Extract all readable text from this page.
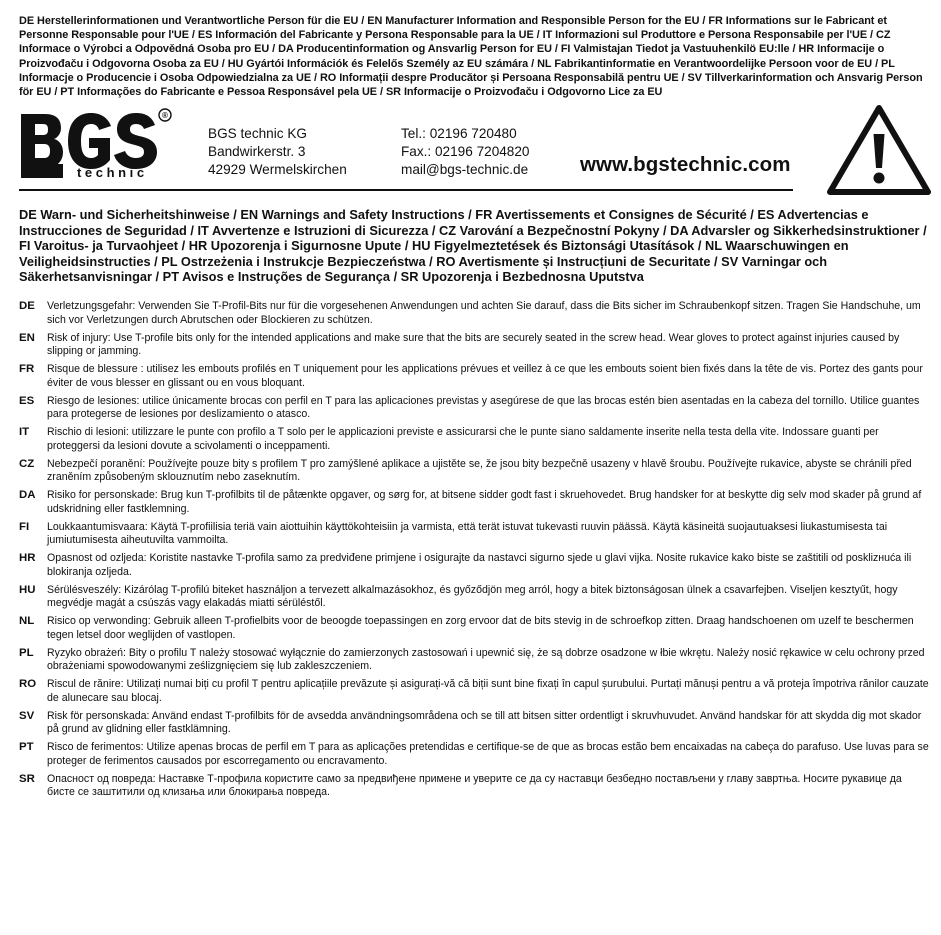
DE Herstellerinformationen und Verantwortliche Person für die EU / EN Manufacturer Information and Responsible Person for the EU / FR Informations sur le Fabricant et Personne Responsable pour l'UE / ES Información del Fabricante y Persona Responsable para la UE / IT Informazioni sul Produttore e Persona Responsabile per l'UE / CZ Informace o Výrobci a Odpovědná Osoba pro EU / DA Producentinformation og Ansvarlig Person for EU / FI Valmistajan Tiedot ja Vastuuhenkilö EU:lle / HR Informacije o Proizvođaču i Odgovorna Osoba za EU / HU Gyártói Információk és Felelős Személy az EU számára / NL Fabrikantinformatie en Verantwoordelijke Persoon voor de EU / PL Informacje o Producencie i Osoba Odpowiedzialna za UE / RO Informații despre Producător și Persoana Responsabilă pentru UE / SV Tillverkarinformation och Ansvarig Person för EU / PT Informações do Fabricante e Pessoa Responsável pela UE / SR Informacije o Proizvođaču i Odgovorno Lice za EU
®
technic
BGS technic KG
Bandwirkerstr. 3
42929 Wermelskirchen
Tel.: 02196 720480
Fax.: 02196 7204820
mail@bgs-technic.de	www.bgstechnic.com
DE Warn- und Sicherheitshinweise / EN Warnings and Safety Instructions / FR Avertissements et Consignes de Sécurité / ES Advertencias e Instrucciones de Seguridad / IT Avvertenze e Istruzioni di Sicurezza / CZ Varování a Bezpečnostní Pokyny / DA Advarsler og Sikkerhedsinstruktioner / FI Varoitus- ja Turvaohjeet / HR Upozorenja i Sigurnosne Upute / HU Figyelmeztetések és Biztonsági Utasítások / NL Waarschuwingen en Veiligheidsinstructies / PL Ostrzeżenia i Instrukcje Bezpieczeństwa / RO Avertismente și Instrucțiuni de Securitate / SV Varningar och Säkerhetsanvisningar / PT Avisos e Instruções de Segurança / SR Upozorenja i Bezbednosna Uputstva
DE	Verletzungsgefahr: Verwenden Sie T-Profil-Bits nur für die vorgesehenen Anwendungen und achten Sie darauf, dass die Bits sicher im Schraubenkopf sitzen. Tragen Sie Handschuhe, um sich vor Verletzungen durch Abrutschen oder Blockieren zu schützen.
EN	Risk of injury: Use T-profile bits only for the intended applications and make sure that the bits are securely seated in the screw head. Wear gloves to protect against injuries caused by slipping or jamming.
FR	Risque de blessure : utilisez les embouts profilés en T uniquement pour les applications prévues et veillez à ce que les embouts soient bien fixés dans la tête de vis. Portez des gants pour éviter de vous blesser en glissant ou en vous bloquant.
ES	Riesgo de lesiones: utilice únicamente brocas con perfil en T para las aplicaciones previstas y asegúrese de que las brocas estén bien asentadas en la cabeza del tornillo. Utilice guantes para protegerse de lesiones por deslizamiento o atasco.
IT	Rischio di lesioni: utilizzare le punte con profilo a T solo per le applicazioni previste e assicurarsi che le punte siano saldamente inserite nella testa della vite. Indossare guanti per proteggersi da lesioni dovute a scivolamenti o inceppamenti.
CZ	Nebezpečí poranění: Používejte pouze bity s profilem T pro zamýšlené aplikace a ujistěte se, že jsou bity bezpečně usazeny v hlavě šroubu. Používejte rukavice, abyste se chránili před zraněním způsobeným sklouznutím nebo zaseknutím.
DA	Risiko for personskade: Brug kun T-profilbits til de påtænkte opgaver, og sørg for, at bitsene sidder godt fast i skruehovedet. Brug handsker for at beskytte dig selv mod skader på grund af udskridning eller fastklemning.
FI	Loukkaantumisvaara: Käytä T-profiilisia teriä vain aiottuihin käyttökohteisiin ja varmista, että terät istuvat tukevasti ruuvin päässä. Käytä käsineitä suojautuaksesi liukastumisesta tai jumiutumisesta aiheutuvilta vammoilta.
HR	Opasnost od ozljeda: Koristite nastavke T-profila samo za predviđene primjene i osigurajte da nastavci sigurno sjede u glavi vijka. Nosite rukavice kako biste se zaštitili od posklizнuća ili blokiranja ozljeda.
HU	Sérülésveszély: Kizárólag T-profilú biteket használjon a tervezett alkalmazásokhoz, és győződjön meg arról, hogy a bitek biztonságosan ülnek a csavarfejben. Viseljen kesztyűt, hogy megvédje magát a csúszás vagy elakadás miatti sérüléstől.
NL	Risico op verwonding: Gebruik alleen T-profielbits voor de beoogde toepassingen en zorg ervoor dat de bits stevig in de schroefkop zitten. Draag handschoenen om uzelf te beschermen tegen letsel door weglijden of vastlopen.
PL	Ryzyko obrażeń: Bity o profilu T należy stosować wyłącznie do zamierzonych zastosowań i upewnić się, że są dobrze osadzone w łbie wkrętu. Należy nosić rękawice w celu ochrony przed obrażeniami spowodowanymi ześlizgnięciem się lub zakleszczeniem.
RO	Riscul de rănire: Utilizați numai biți cu profil T pentru aplicațiile prevăzute și asigurați-vă că biții sunt bine fixați în capul șurubului. Purtați mănuși pentru a vă proteja împotriva rănilor cauzate de alunecare sau blocaj.
SV	Risk för personskada: Använd endast T-profilbits för de avsedda användningsområdena och se till att bitsen sitter ordentligt i skruvhuvudet. Använd handskar för att skydda dig mot skador på grund av glidning eller fastklämning.
PT	Risco de ferimentos: Utilize apenas brocas de perfil em T para as aplicações pretendidas e certifique-se de que as brocas estão bem encaixadas na cabeça do parafuso. Use luvas para se proteger de ferimentos causados por escorregamento ou encravamento.
SR	Опасност од повреда: Наставке Т-профила користите само за предвиђене примене и уверите се да су наставци безбедно постављени у главу завртња. Носите рукавице да бисте се заштитили од клизања или блокирања повреда.
